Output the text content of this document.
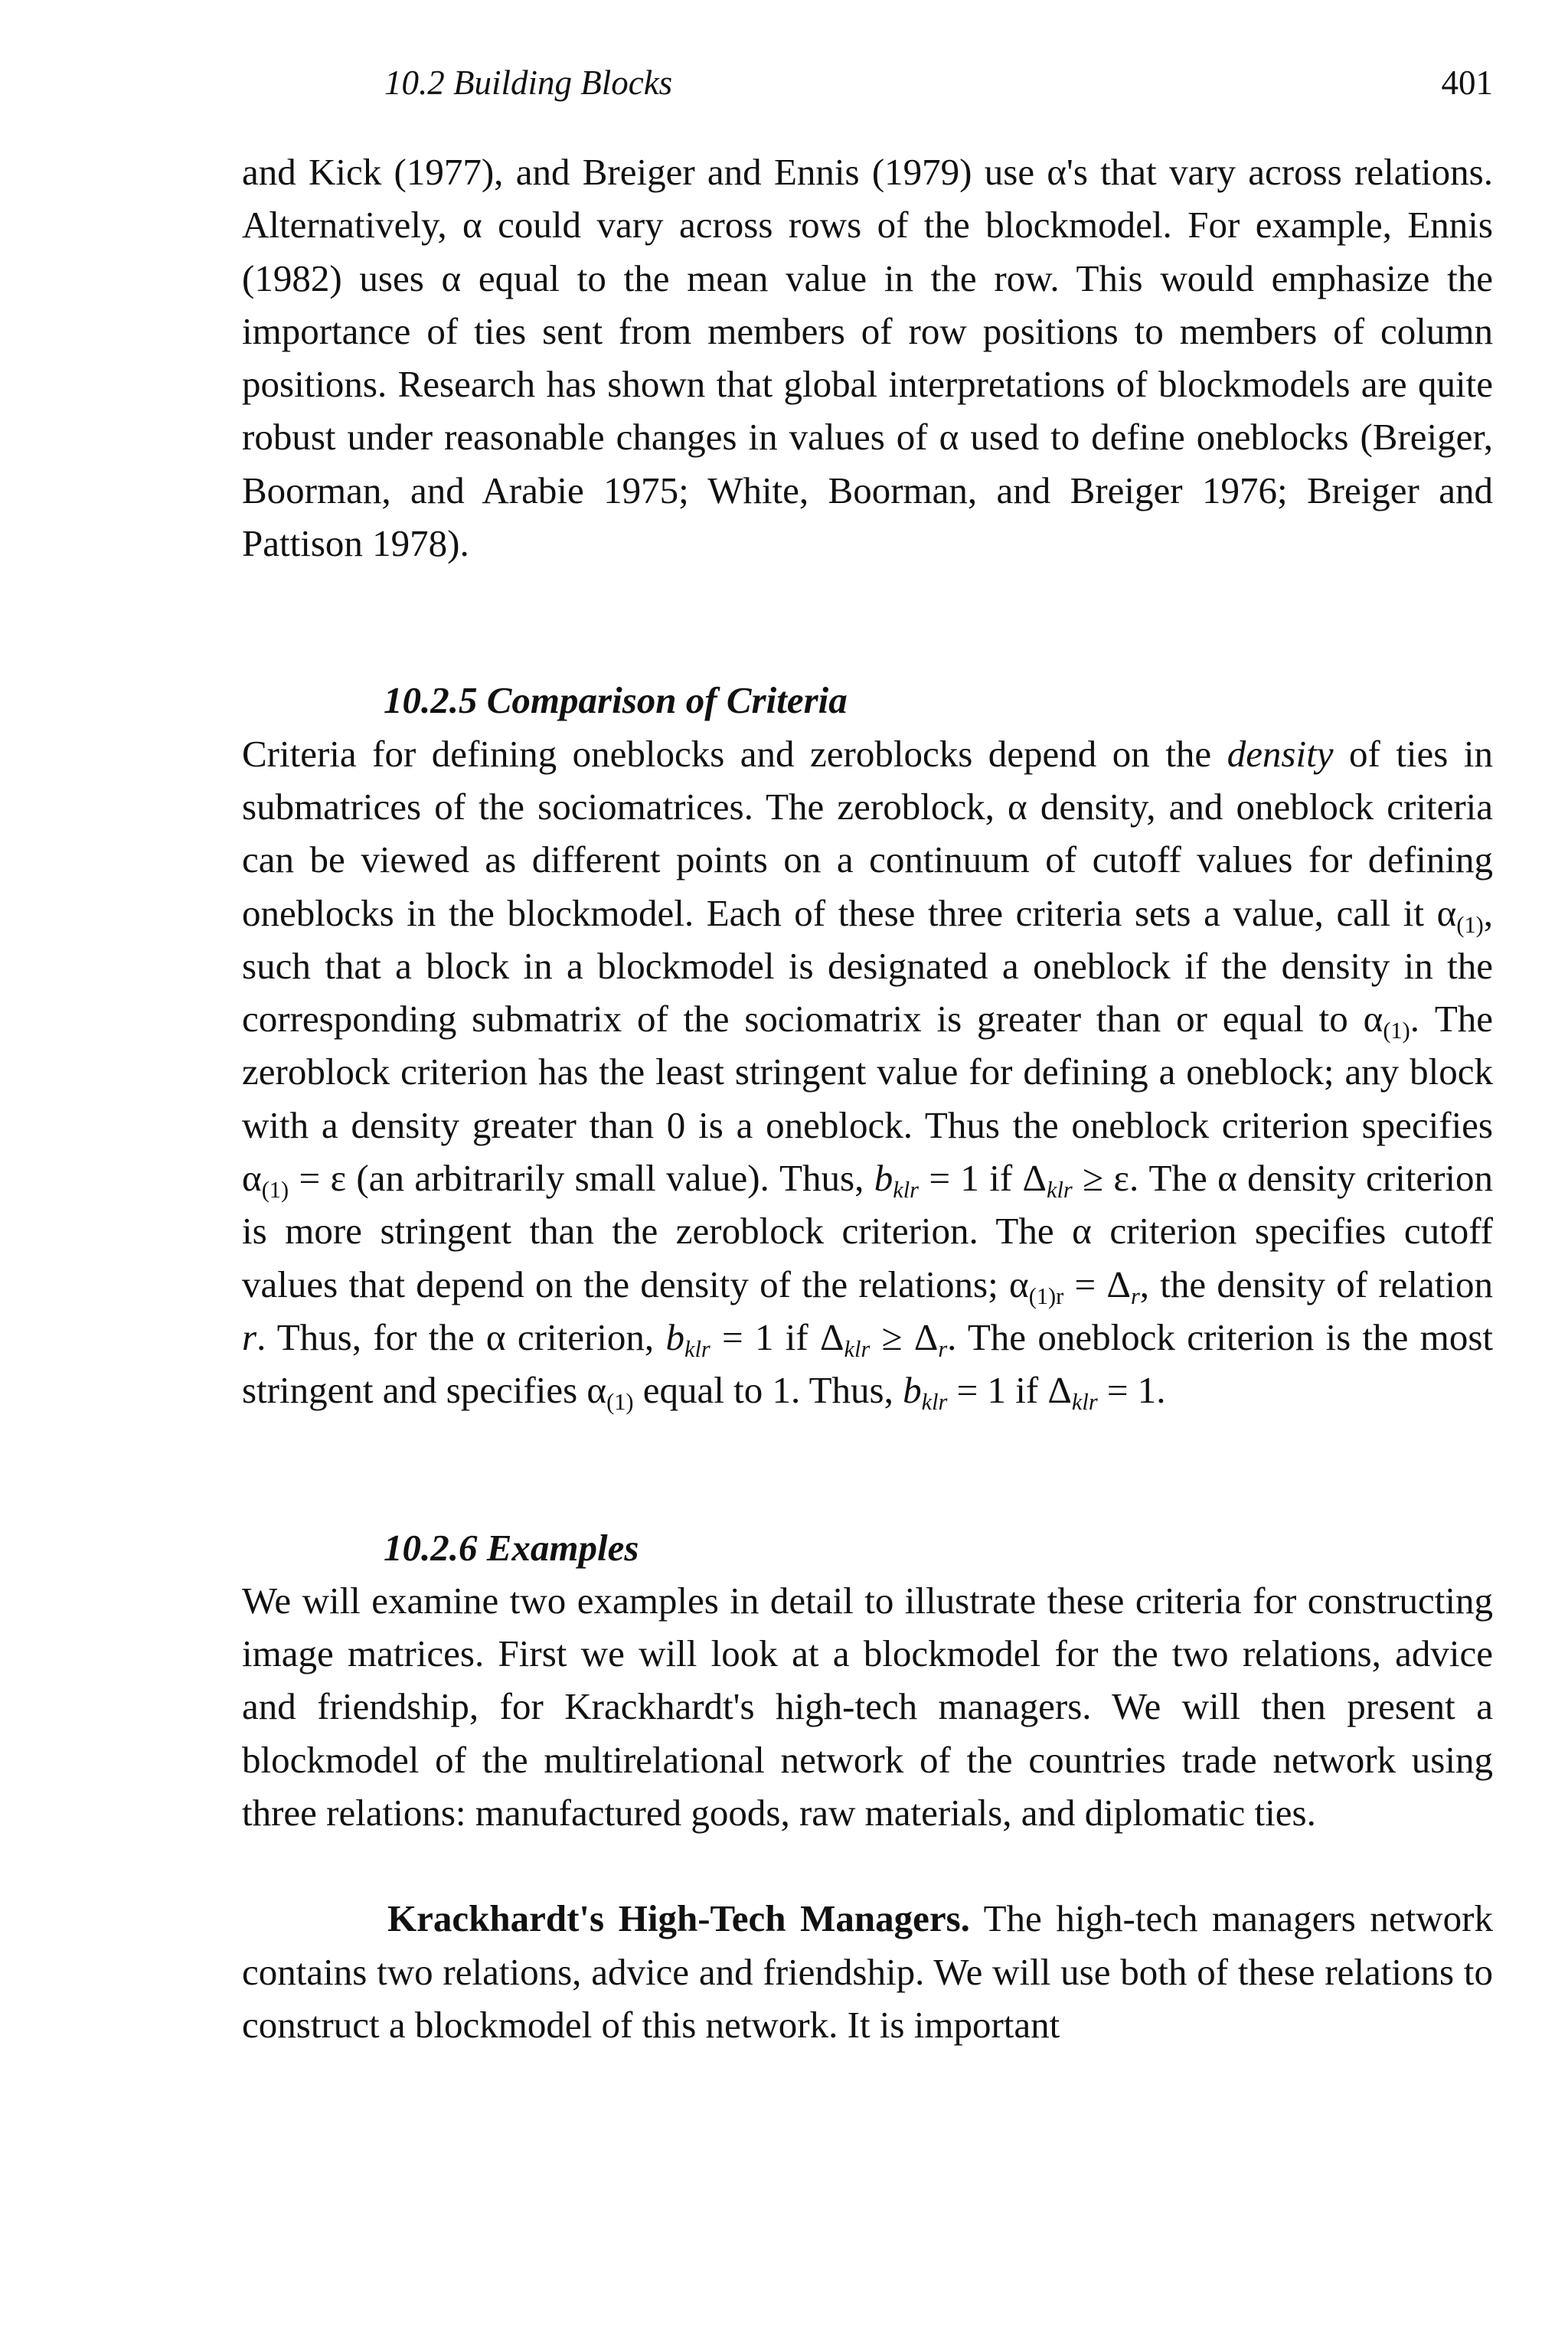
10.2 Building Blocks	401

and Kick (1977), and Breiger and Ennis (1979) use α's that vary across relations. Alternatively, α could vary across rows of the blockmodel. For example, Ennis (1982) uses α equal to the mean value in the row. This would emphasize the importance of ties sent from members of row positions to members of column positions. Research has shown that global interpretations of blockmodels are quite robust under reasonable changes in values of α used to define oneblocks (Breiger, Boorman, and Arabie 1975; White, Boorman, and Breiger 1976; Breiger and Pattison 1978).

10.2.5 Comparison of Criteria

Criteria for defining oneblocks and zeroblocks depend on the density of ties in submatrices of the sociomatrices. The zeroblock, α density, and oneblock criteria can be viewed as different points on a continuum of cutoff values for defining oneblocks in the blockmodel. Each of these three criteria sets a value, call it $\alpha_{(1)}$, such that a block in a blockmodel is designated a oneblock if the density in the corresponding submatrix of the sociomatrix is greater than or equal to $\alpha_{(1)}$. The zeroblock criterion has the least stringent value for defining a oneblock; any block with a density greater than 0 is a oneblock. Thus the oneblock criterion specifies $\alpha_{(1)} = \varepsilon$ (an arbitrarily small value). Thus, $b_{klr} = 1$ if $\Delta_{klr} \ge \varepsilon$. The α density criterion is more stringent than the zeroblock criterion. The α criterion specifies cutoff values that depend on the density of the relations; $\alpha_{(1)r} = \Delta_r$, the density of relation r. Thus, for the α criterion, $b_{klr} = 1$ if $\Delta_{klr} \ge \Delta_r$. The oneblock criterion is the most stringent and specifies $\alpha_{(1)}$ equal to 1. Thus, $b_{klr} = 1$ if $\Delta_{klr} = 1$.

10.2.6 Examples

We will examine two examples in detail to illustrate these criteria for constructing image matrices. First we will look at a blockmodel for the two relations, advice and friendship, for Krackhardt's high-tech managers. We will then present a blockmodel of the multirelational network of the countries trade network using three relations: manufactured goods, raw materials, and diplomatic ties.

Krackhardt's High-Tech Managers. The high-tech managers network contains two relations, advice and friendship. We will use both of these relations to construct a blockmodel of this network. It is important
